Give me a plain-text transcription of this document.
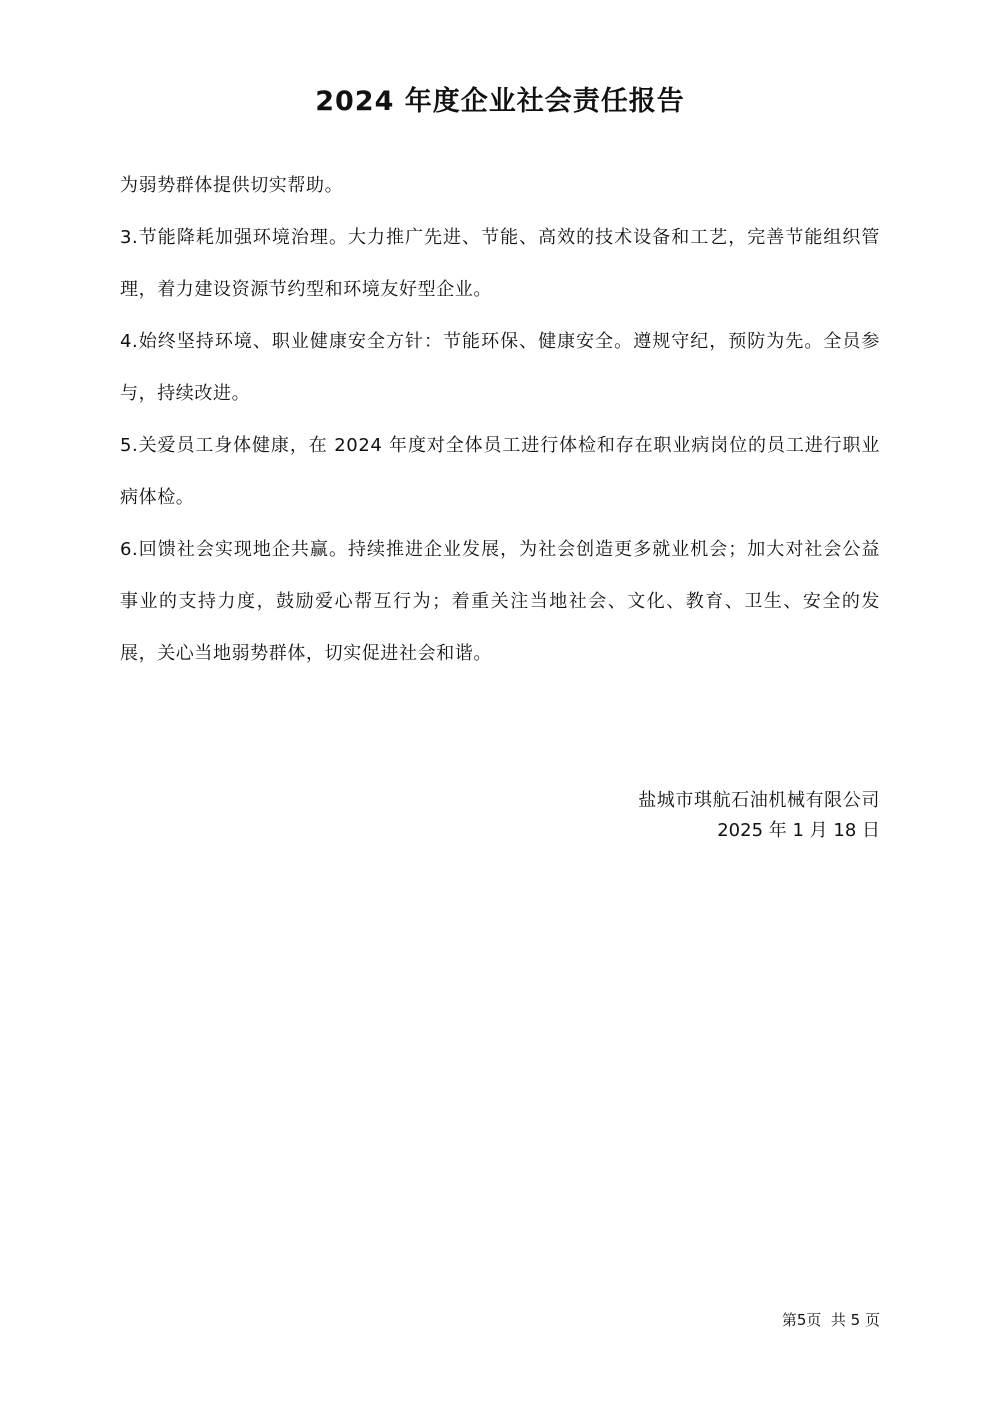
2024 年度企业社会责任报告

为弱势群体提供切实帮助。

3.节能降耗加强环境治理。大力推广先进、节能、高效的技术设备和工艺，完善节能组织管理，着力建设资源节约型和环境友好型企业。

4.始终坚持环境、职业健康安全方针：节能环保、健康安全。遵规守纪，预防为先。全员参与，持续改进。

5.关爱员工身体健康，在 2024 年度对全体员工进行体检和存在职业病岗位的员工进行职业病体检。

6.回馈社会实现地企共赢。持续推进企业发展，为社会创造更多就业机会；加大对社会公益事业的支持力度，鼓励爱心帮互行为；着重关注当地社会、文化、教育、卫生、安全的发展，关心当地弱势群体，切实促进社会和谐。

盐城市琪航石油机械有限公司
2025 年 1 月 18 日
第5页  共 5 页
